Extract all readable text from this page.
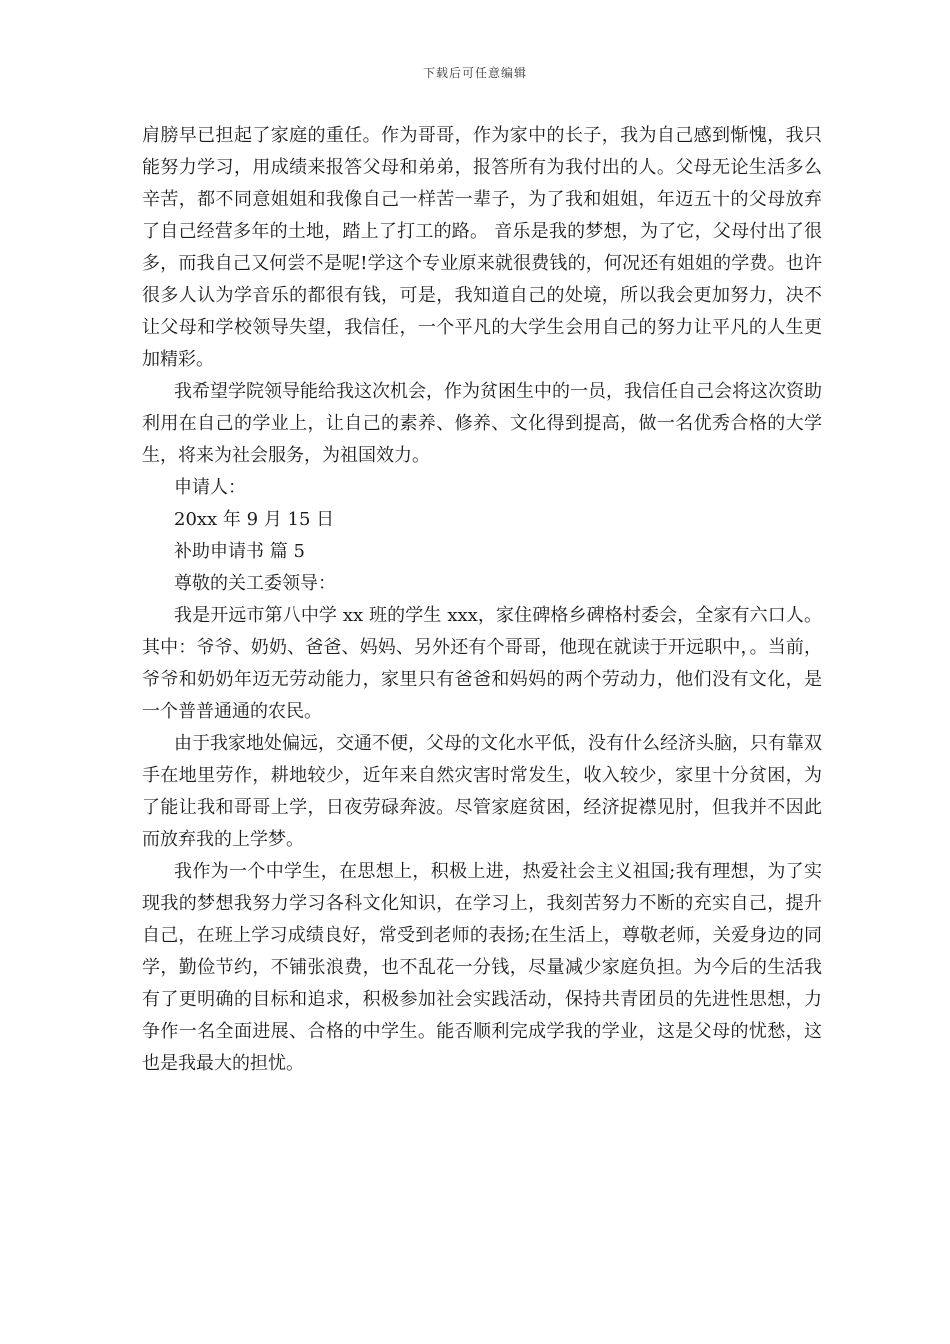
下载后可任意编辑

肩膀早已担起了家庭的重任。作为哥哥，作为家中的长子，我为自己感到惭愧，我只能努力学习，用成绩来报答父母和弟弟，报答所有为我付出的人。父母无论生活多么辛苦，都不同意姐姐和我像自己一样苦一辈子，为了我和姐姐，年迈五十的父母放弃了自己经营多年的土地，踏上了打工的路。 音乐是我的梦想，为了它，父母付出了很多，而我自己又何尝不是呢!学这个专业原来就很费钱的，何况还有姐姐的学费。也许很多人认为学音乐的都很有钱，可是，我知道自己的处境，所以我会更加努力，决不让父母和学校领导失望，我信任，一个平凡的大学生会用自己的努力让平凡的人生更加精彩。

我希望学院领导能给我这次机会，作为贫困生中的一员，我信任自己会将这次资助利用在自己的学业上，让自己的素养、修养、文化得到提高，做一名优秀合格的大学生，将来为社会服务，为祖国效力。

申请人：

20xx 年 9 月 15 日

补助申请书 篇 5

尊敬的关工委领导：

我是开远市第八中学 xx 班的学生 xxx，家住碑格乡碑格村委会，全家有六口人。其中：爷爷、奶奶、爸爸、妈妈、另外还有个哥哥，他现在就读于开远职中，。当前，爷爷和奶奶年迈无劳动能力，家里只有爸爸和妈妈的两个劳动力，他们没有文化，是一个普普通通的农民。

由于我家地处偏远，交通不便，父母的文化水平低，没有什么经济头脑，只有靠双手在地里劳作，耕地较少，近年来自然灾害时常发生，收入较少，家里十分贫困，为了能让我和哥哥上学，日夜劳碌奔波。尽管家庭贫困，经济捉襟见肘，但我并不因此而放弃我的上学梦。

我作为一个中学生，在思想上，积极上进，热爱社会主义祖国;我有理想，为了实现我的梦想我努力学习各科文化知识，在学习上，我刻苦努力不断的充实自己，提升自己，在班上学习成绩良好，常受到老师的表扬;在生活上，尊敬老师，关爱身边的同学，勤俭节约，不铺张浪费，也不乱花一分钱，尽量减少家庭负担。为今后的生活我有了更明确的目标和追求，积极参加社会实践活动，保持共青团员的先进性思想，力争作一名全面进展、合格的中学生。能否顺利完成学我的学业，这是父母的忧愁，这也是我最大的担忧。
